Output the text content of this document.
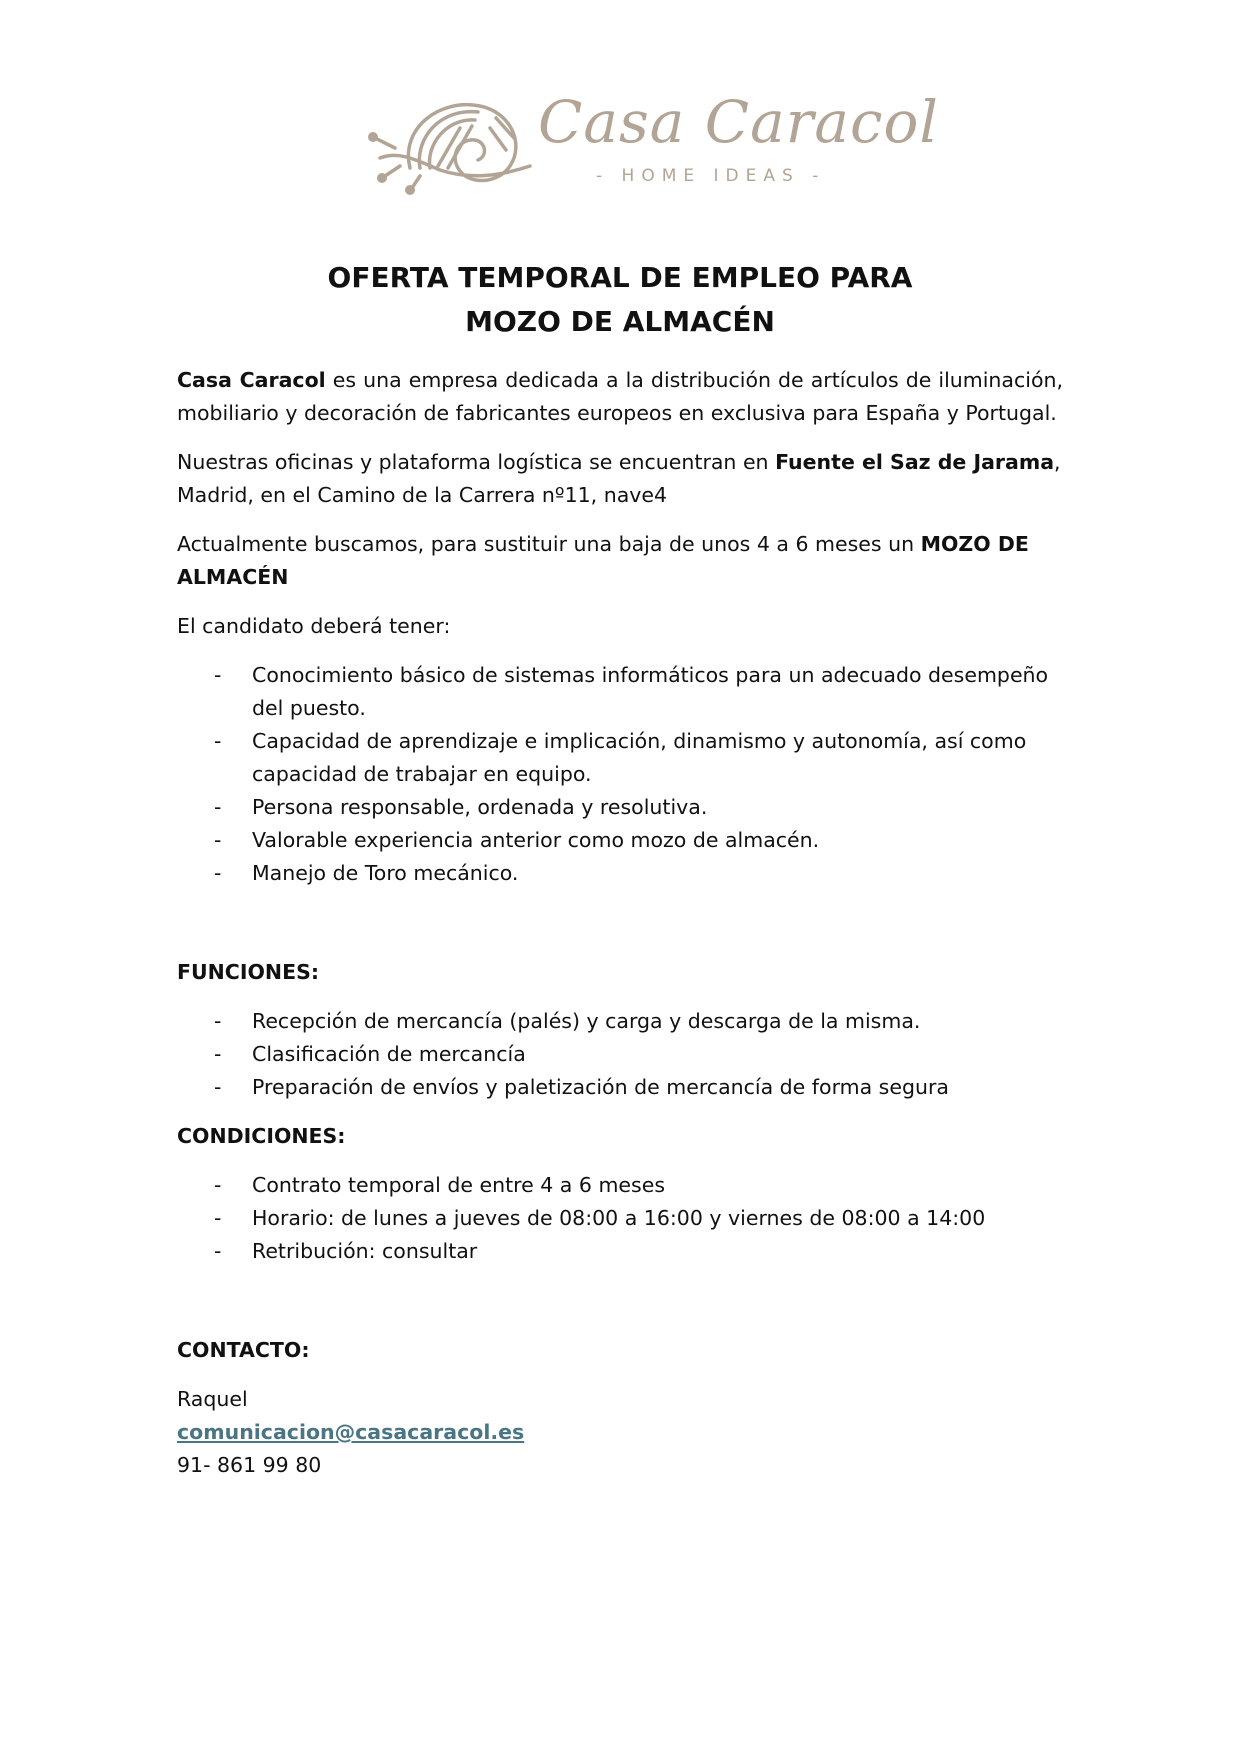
Casa Caracol
- HOME IDEAS -
OFERTA TEMPORAL DE EMPLEO PARA
MOZO DE ALMACÉN

Casa Caracol es una empresa dedicada a la distribución de artículos de iluminación, mobiliario y decoración de fabricantes europeos en exclusiva para España y Portugal.

Nuestras oficinas y plataforma logística se encuentran en Fuente el Saz de Jarama, Madrid, en el Camino de la Carrera nº11, nave4

Actualmente buscamos, para sustituir una baja de unos 4 a 6 meses un MOZO DE ALMACÉN

El candidato deberá tener:

- Conocimiento básico de sistemas informáticos para un adecuado desempeño del puesto.
- Capacidad de aprendizaje e implicación, dinamismo y autonomía, así como capacidad de trabajar en equipo.
- Persona responsable, ordenada y resolutiva.
- Valorable experiencia anterior como mozo de almacén.
- Manejo de Toro mecánico.
FUNCIONES:
- Recepción de mercancía (palés) y carga y descarga de la misma.
- Clasificación de mercancía
- Preparación de envíos y paletización de mercancía de forma segura
CONDICIONES:
- Contrato temporal de entre 4 a 6 meses
- Horario: de lunes a jueves de 08:00 a 16:00 y viernes de 08:00 a 14:00
- Retribución: consultar
CONTACTO:
Raquel
comunicacion@casacaracol.es
91- 861 99 80
